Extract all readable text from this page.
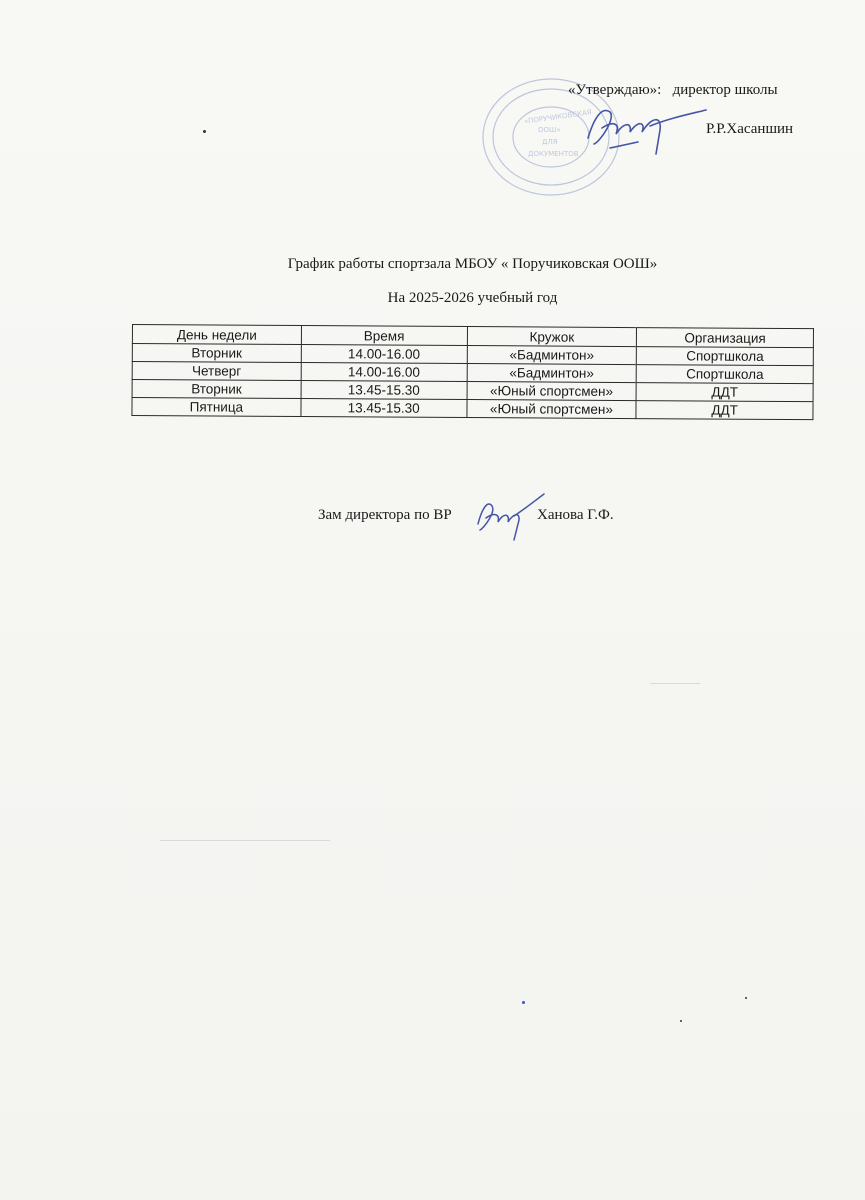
«ПОРУЧИКОВСКАЯ
ООШ»
ДЛЯ
ДОКУМЕНТОВ
«Утверждаю»:   директор школы
Р.Р.Хасаншин
График работы спортзала МБОУ « Поручиковская ООШ»
На 2025-2026 учебный год
День недели	Время	Кружок	Организация
Вторник	14.00-16.00	«Бадминтон»	Спортшкола
Четверг	14.00-16.00	«Бадминтон»	Спортшкола
Вторник	13.45-15.30	«Юный спортсмен»	ДДТ
Пятница	13.45-15.30	«Юный спортсмен»	ДДТ
Зам директора по ВР	Ханова Г.Ф.
